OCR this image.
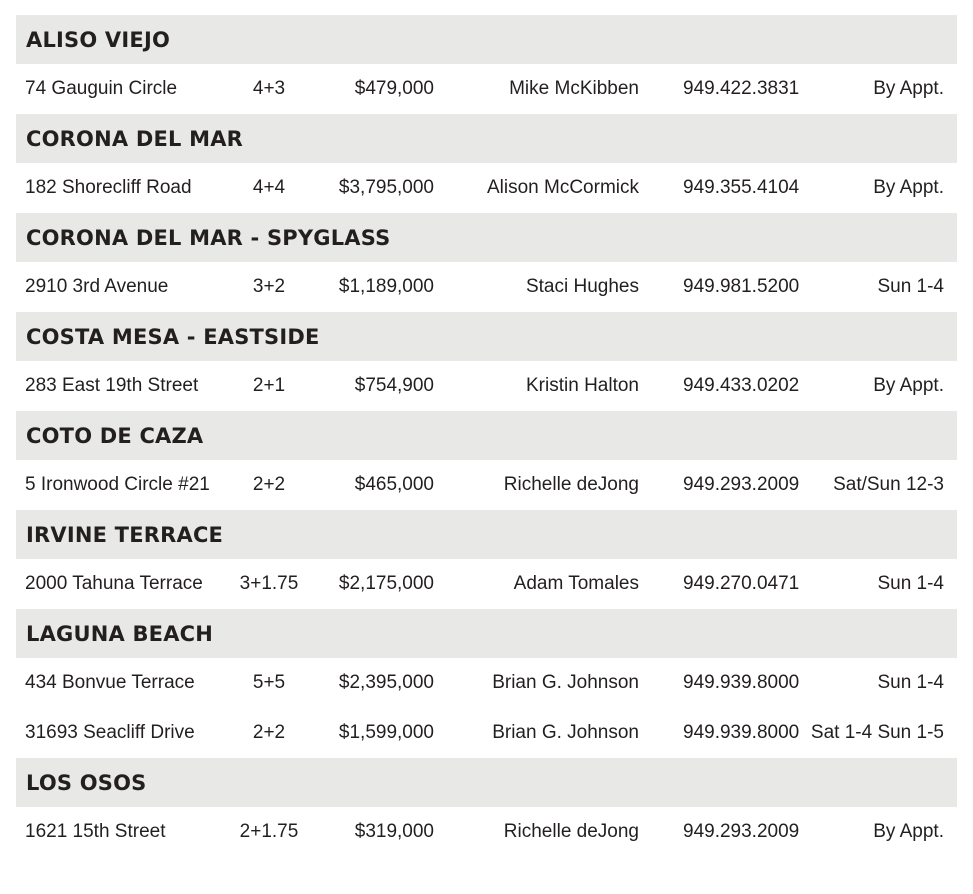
ALISO VIEJO
74 Gauguin Circle	4+3	$479,000	Mike McKibben 949.422.3831	By Appt.
CORONA DEL MAR
182 Shorecliff Road	4+4	$3,795,000	Alison McCormick 949.355.4104	By Appt.
CORONA DEL MAR - SPYGLASS
2910 3rd Avenue	3+2	$1,189,000	Staci Hughes 949.981.5200	Sun 1-4
COSTA MESA - EASTSIDE
283 East 19th Street	2+1	$754,900	Kristin Halton 949.433.0202	By Appt.
COTO DE CAZA
5 Ironwood Circle #21	2+2	$465,000	Richelle deJong 949.293.2009 Sat/Sun 12-3
IRVINE TERRACE
2000 Tahuna Terrace	3+1.75	$2,175,000	Adam Tomales 949.270.0471	Sun 1-4
LAGUNA BEACH
434 Bonvue Terrace	5+5	$2,395,000	Brian G. Johnson 949.939.8000	Sun 1-4
31693 Seacliff Drive	2+2	$1,599,000	Brian G. Johnson 949.939.8000 Sat 1-4 Sun 1-5
LOS OSOS
1621 15th Street	2+1.75	$319,000	Richelle deJong 949.293.2009	By Appt.
